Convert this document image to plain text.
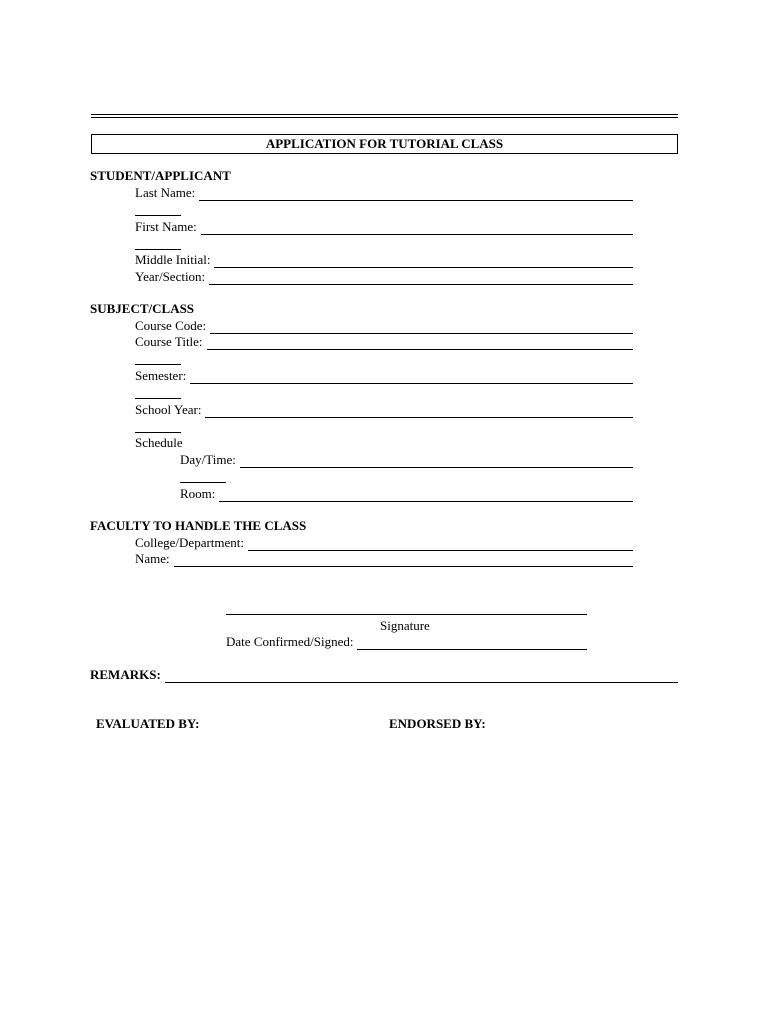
APPLICATION FOR TUTORIAL CLASS
STUDENT/APPLICANT
Last Name:
First Name:
Middle Initial:
Year/Section:
SUBJECT/CLASS
Course Code:
Course Title:
Semester:
School Year:
Schedule
Day/Time:
Room:
FACULTY TO HANDLE THE CLASS
College/Department:
Name:
Signature
Date Confirmed/Signed:
REMARKS:
EVALUATED BY:	ENDORSED BY:
